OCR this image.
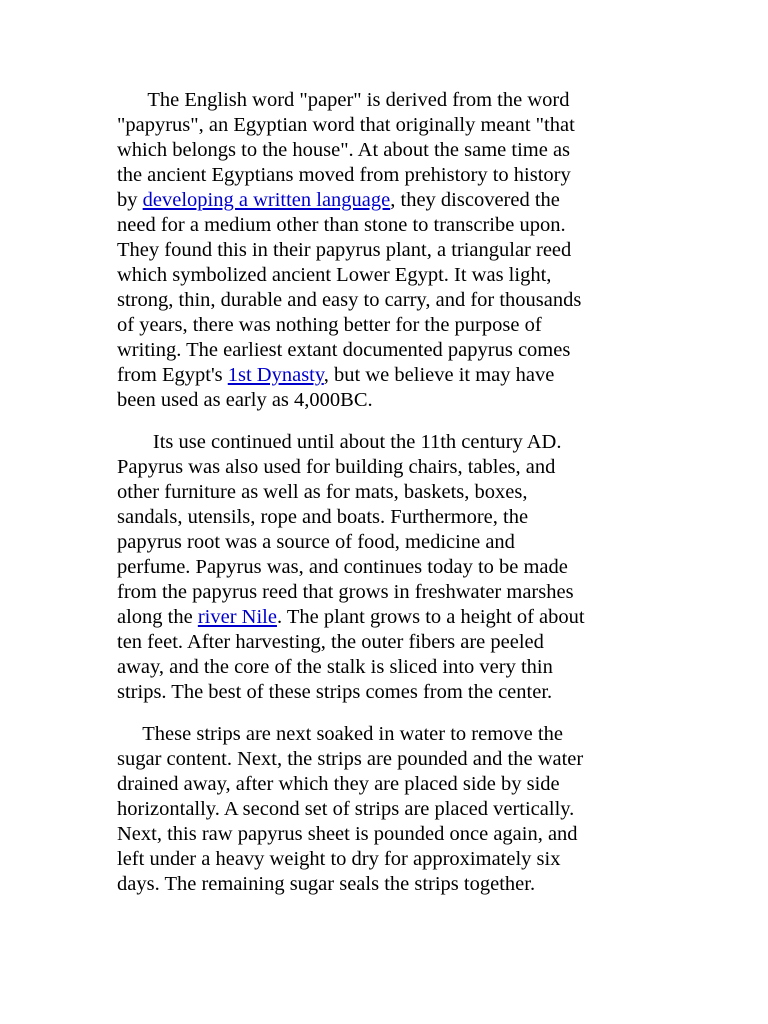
The English word "paper" is derived from the word
"papyrus", an Egyptian word that originally meant "that
which belongs to the house". At about the same time as
the ancient Egyptians moved from prehistory to history
by developing a written language, they discovered the
need for a medium other than stone to transcribe upon.
They found this in their papyrus plant, a triangular reed
which symbolized ancient Lower Egypt. It was light,
strong, thin, durable and easy to carry, and for thousands
of years, there was nothing better for the purpose of
writing. The earliest extant documented papyrus comes
from Egypt's 1st Dynasty, but we believe it may have
been used as early as 4,000BC.
Its use continued until about the 11th century AD.
Papyrus was also used for building chairs, tables, and
other furniture as well as for mats, baskets, boxes,
sandals, utensils, rope and boats. Furthermore, the
papyrus root was a source of food, medicine and
perfume. Papyrus was, and continues today to be made
from the papyrus reed that grows in freshwater marshes
along the river Nile. The plant grows to a height of about
ten feet. After harvesting, the outer fibers are peeled
away, and the core of the stalk is sliced into very thin
strips. The best of these strips comes from the center.
These strips are next soaked in water to remove the
sugar content. Next, the strips are pounded and the water
drained away, after which they are placed side by side
horizontally. A second set of strips are placed vertically.
Next, this raw papyrus sheet is pounded once again, and
left under a heavy weight to dry for approximately six
days. The remaining sugar seals the strips together.
